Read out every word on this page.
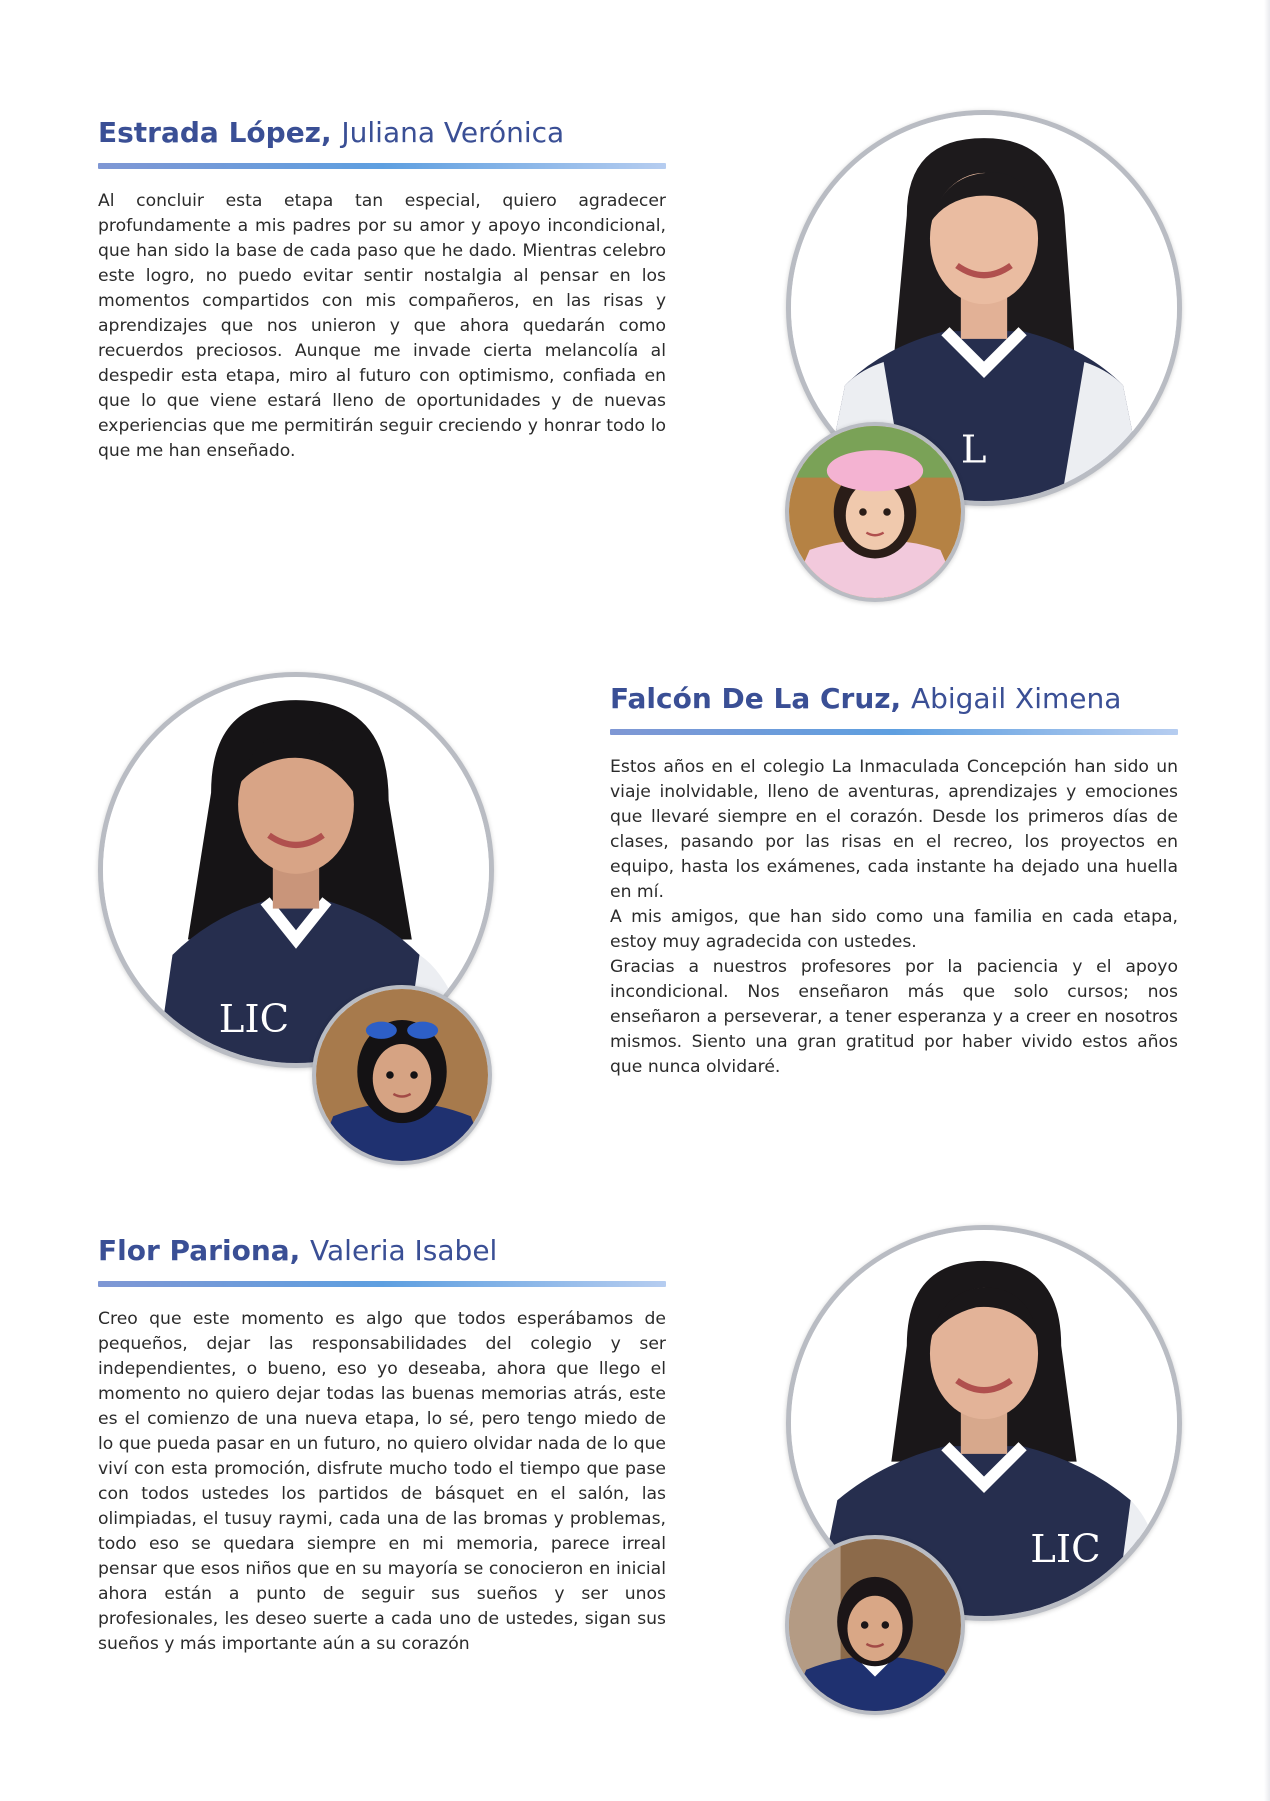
Estrada López, Juliana Verónica

Al concluir esta etapa tan especial, quiero agradecer profundamente a mis padres por su amor y apoyo incondicional, que han sido la base de cada paso que he dado. Mientras celebro este logro, no puedo evitar sentir nostalgia al pensar en los momentos compartidos con mis compañeros, en las risas y aprendizajes que nos unieron y que ahora quedarán como recuerdos preciosos. Aunque me invade cierta melancolía al despedir esta etapa, miro al futuro con optimismo, confiada en que lo que viene estará lleno de oportunidades y de nuevas experiencias que me permitirán seguir creciendo y honrar todo lo que me han enseñado.	L
Falcón De La Cruz, Abigail Ximena

Estos años en el colegio La Inmaculada Concepción han sido un viaje inolvidable, lleno de aventuras, aprendizajes y emociones que llevaré siempre en el corazón. Desde los primeros días de clases, pasando por las risas en el recreo, los proyectos en equipo, hasta los exámenes, cada instante ha dejado una huella en mí.

A mis amigos, que han sido como una familia en cada etapa, estoy muy agradecida con ustedes.

Gracias a nuestros profesores por la paciencia y el apoyo incondicional. Nos enseñaron más que solo cursos; nos enseñaron a perseverar, a tener esperanza y a creer en nosotros mismos. Siento una gran gratitud por haber vivido estos años que nunca olvidaré.

LIC
Flor Pariona, Valeria Isabel

Creo que este momento es algo que todos esperábamos de pequeños, dejar las responsabilidades del colegio y ser independientes, o bueno, eso yo deseaba, ahora que llego el momento no quiero dejar todas las buenas memorias atrás, este es el comienzo de una nueva etapa, lo sé, pero tengo miedo de lo que pueda pasar en un futuro, no quiero olvidar nada de lo que viví con esta promoción, disfrute mucho todo el tiempo que pase con todos ustedes los partidos de básquet en el salón, las olimpiadas, el tusuy raymi, cada una de las bromas y problemas, todo eso se quedara siempre en mi memoria, parece irreal pensar que esos niños que en su mayoría se conocieron en inicial ahora están a punto de seguir sus sueños y ser unos profesionales, les deseo suerte a cada uno de ustedes, sigan sus sueños y más importante aún a su corazón

LIC
